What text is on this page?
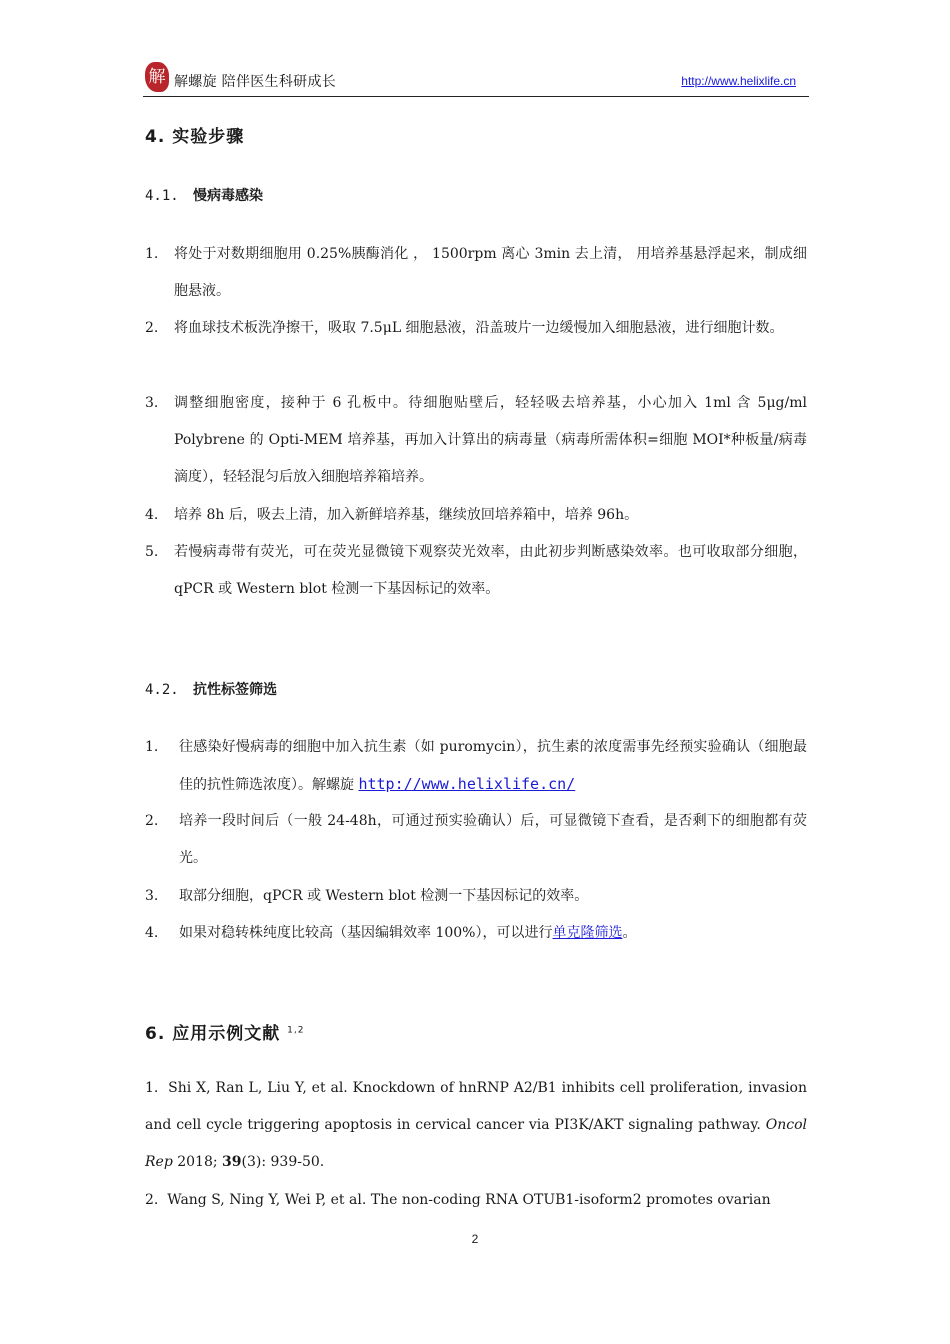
解 解螺旋 陪伴医生科研成长	http://www.helixlife.cn
4. 实验步骤
4.1. 慢病毒感染
1. 将处于对数期细胞用 0.25%胰酶消化 ， 1500rpm 离心 3min 去上清， 用培养基悬浮起来，制成细胞悬液。
2. 将血球技术板洗净擦干，吸取 7.5μL 细胞悬液，沿盖玻片一边缓慢加入细胞悬液，进行细胞计数。
3. 调整细胞密度，接种于 6 孔板中。待细胞贴壁后，轻轻吸去培养基，小心加入 1ml 含 5μg/ml Polybrene 的 Opti-MEM 培养基，再加入计算出的病毒量（病毒所需体积=细胞 MOI*种板量/病毒滴度），轻轻混匀后放入细胞培养箱培养。
4. 培养 8h 后，吸去上清，加入新鲜培养基，继续放回培养箱中，培养 96h。
5. 若慢病毒带有荧光，可在荧光显微镜下观察荧光效率，由此初步判断感染效率。也可收取部分细胞，qPCR 或 Western blot 检测一下基因标记的效率。
4.2. 抗性标签筛选
1. 往感染好慢病毒的细胞中加入抗生素（如 puromycin），抗生素的浓度需事先经预实验确认（细胞最佳的抗性筛选浓度）。解螺旋 http://www.helixlife.cn/
2. 培养一段时间后（一般 24-48h，可通过预实验确认）后，可显微镜下查看，是否剩下的细胞都有荧光。
3. 取部分细胞，qPCR 或 Western blot 检测一下基因标记的效率。
4. 如果对稳转株纯度比较高（基因编辑效率 100%），可以进行单克隆筛选。
6. 应用示例文献 $^{1,2}$
1. Shi X, Ran L, Liu Y, et al. Knockdown of hnRNP A2/B1 inhibits cell proliferation, invasion and cell cycle triggering apoptosis in cervical cancer via PI3K/AKT signaling pathway. Oncol Rep 2018; 39(3): 939-50.
2. Wang S, Ning Y, Wei P, et al. The non-coding RNA OTUB1-isoform2 promotes ovarian
2
